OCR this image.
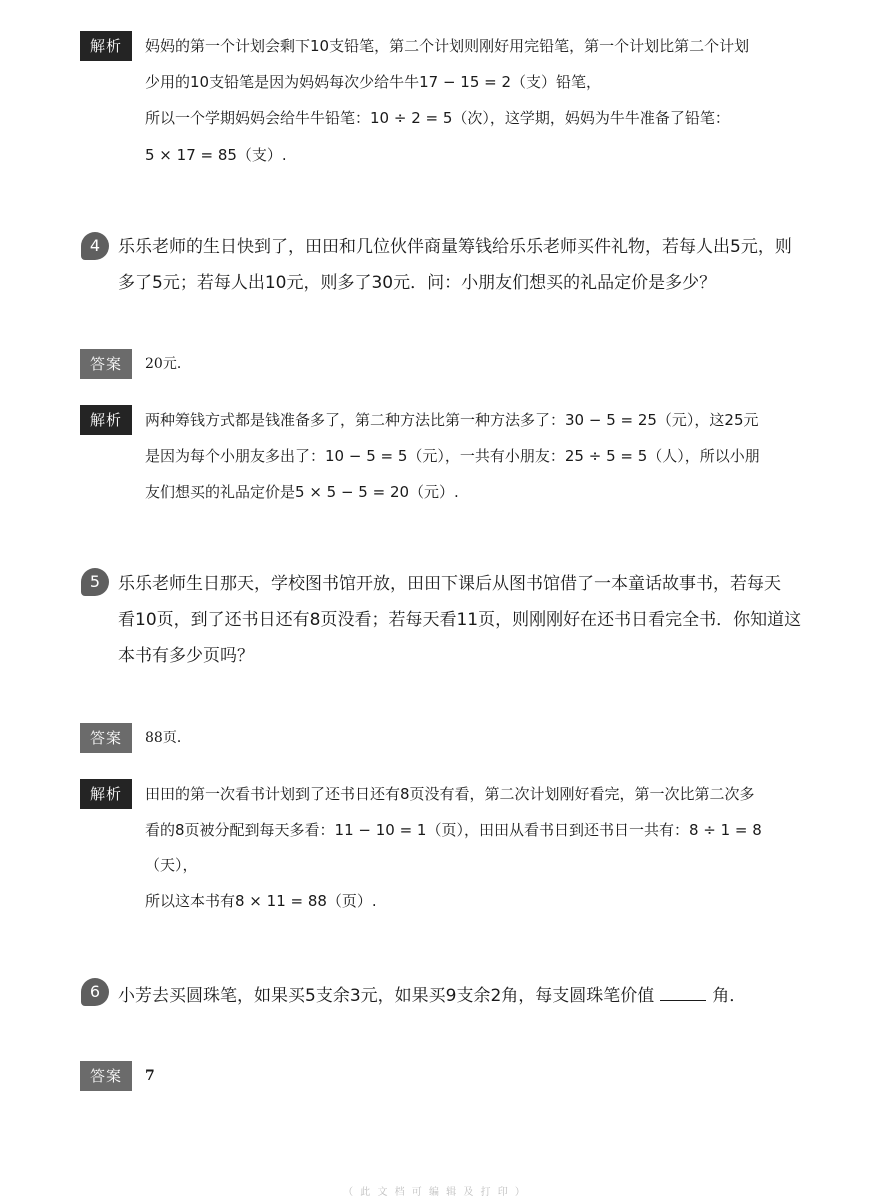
解析	妈妈的第一个计划会剩下10支铅笔，第二个计划则刚好用完铅笔，第一个计划比第二个计划
少用的10支铅笔是因为妈妈每次少给牛牛17 − 15 = 2（支）铅笔，
所以一个学期妈妈会给牛牛铅笔：10 ÷ 2 = 5（次），这学期，妈妈为牛牛准备了铅笔：
5 × 17 = 85（支）.
4	乐乐老师的生日快到了，田田和几位伙伴商量筹钱给乐乐老师买件礼物，若每人出5元，则
多了5元；若每人出10元，则多了30元．问：小朋友们想买的礼品定价是多少？
答案	20元．
解析	两种筹钱方式都是钱准备多了，第二种方法比第一种方法多了：30 − 5 = 25（元），这25元
是因为每个小朋友多出了：10 − 5 = 5（元），一共有小朋友：25 ÷ 5 = 5（人），所以小朋
友们想买的礼品定价是5 × 5 − 5 = 20（元）.
5	乐乐老师生日那天，学校图书馆开放，田田下课后从图书馆借了一本童话故事书，若每天
看10页，到了还书日还有8页没看；若每天看11页，则刚刚好在还书日看完全书．你知道这
本书有多少页吗？
答案	88页．
解析	田田的第一次看书计划到了还书日还有8页没有看，第二次计划刚好看完，第一次比第二次多
看的8页被分配到每天多看：11 − 10 = 1（页），田田从看书日到还书日一共有：8 ÷ 1 = 8
（天），
所以这本书有8 × 11 = 88（页）.
6	小芳去买圆珠笔，如果买5支余3元，如果买9支余2角，每支圆珠笔价值	角．
答案	7
（ 此 文 档 可 编 辑 及 打 印 ）
